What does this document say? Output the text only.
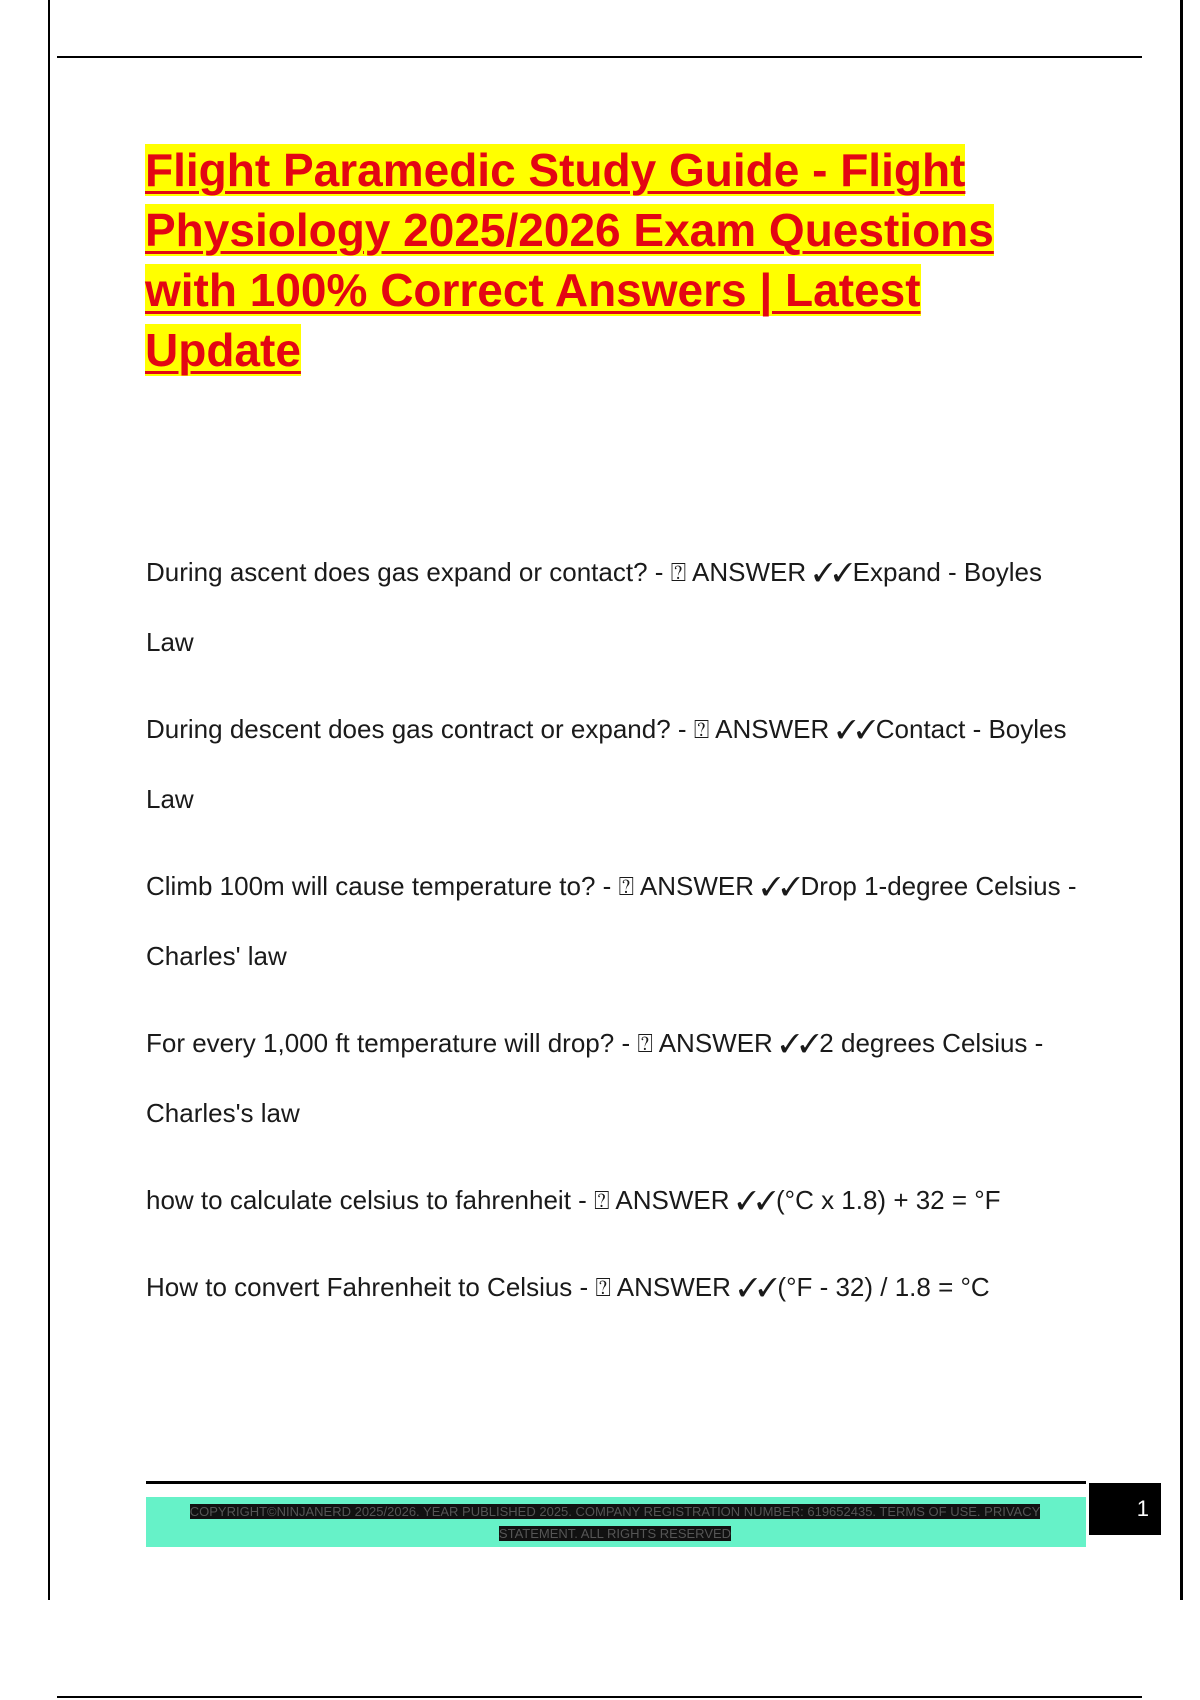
Flight Paramedic Study Guide - Flight Physiology 2025/2026 Exam Questions with 100% Correct Answers | Latest Update
During ascent does gas expand or contact? - ⍰ ANSWER ✓✓Expand - Boyles Law
During descent does gas contract or expand? - ⍰ ANSWER ✓✓Contact - Boyles Law
Climb 100m will cause temperature to? - ⍰ ANSWER ✓✓Drop 1-degree Celsius - Charles' law
For every 1,000 ft temperature will drop? - ⍰ ANSWER ✓✓2 degrees Celsius - Charles's law
how to calculate celsius to fahrenheit - ⍰ ANSWER ✓✓(°C x 1.8) + 32 = °F
How to convert Fahrenheit to Celsius - ⍰ ANSWER ✓✓(°F - 32) / 1.8 = °C

COPYRIGHT©NINJANERD 2025/2026. YEAR PUBLISHED 2025. COMPANY REGISTRATION NUMBER: 619652435. TERMS OF USE. PRIVACY STATEMENT. ALL RIGHTS RESERVED

1
